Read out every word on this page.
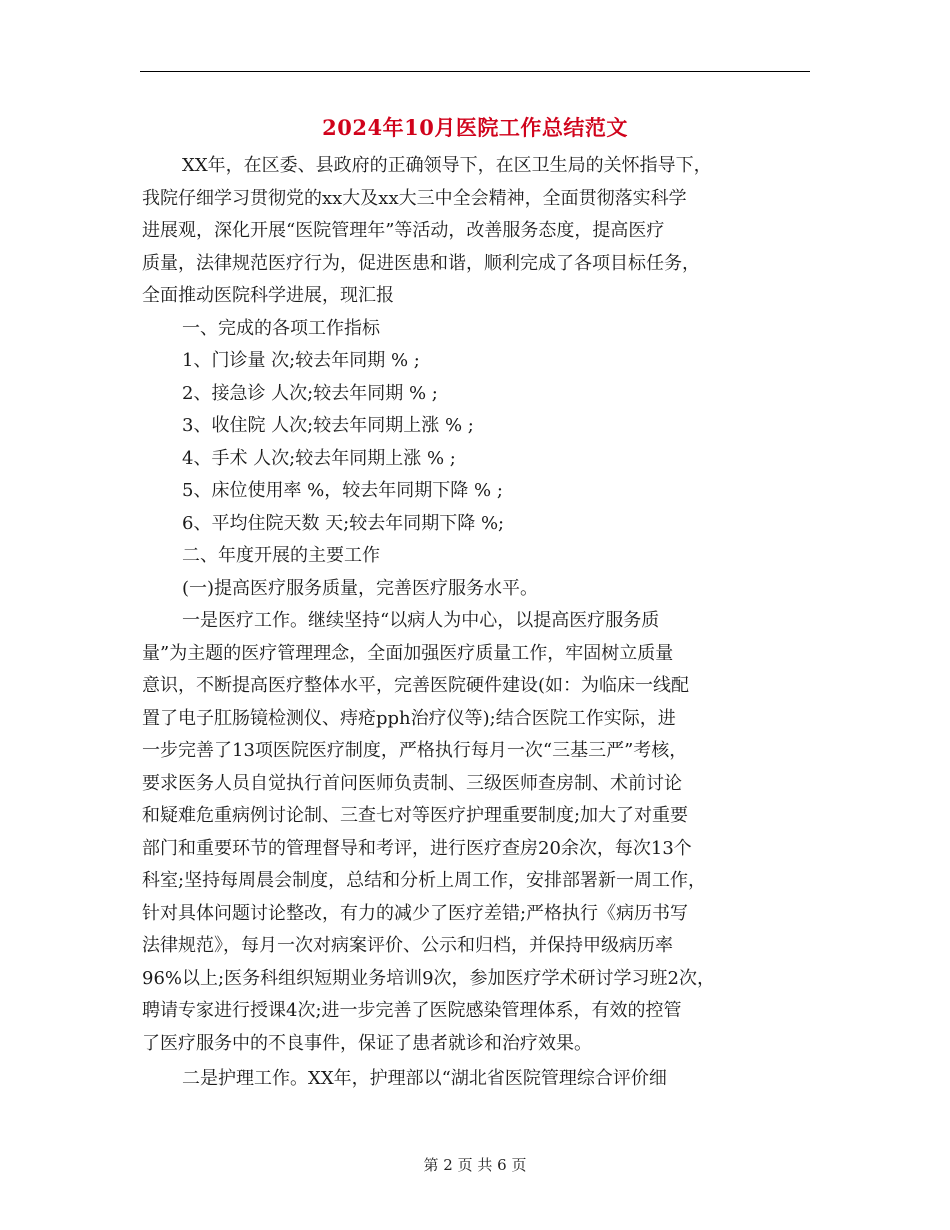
2024年10月医院工作总结范文
XX年，在区委、县政府的正确领导下，在区卫生局的关怀指导下，
我院仔细学习贯彻党的xx大及xx大三中全会精神，全面贯彻落实科学
进展观，深化开展“医院管理年”等活动，改善服务态度，提高医疗
质量，法律规范医疗行为，促进医患和谐，顺利完成了各项目标任务，
全面推动医院科学进展，现汇报
一、完成的各项工作指标
1、门诊量 次;较去年同期 % ;
2、接急诊 人次;较去年同期 % ;
3、收住院 人次;较去年同期上涨 % ;
4、手术 人次;较去年同期上涨 % ;
5、床位使用率 %，较去年同期下降 % ;
6、平均住院天数 天;较去年同期下降 %;
二、年度开展的主要工作
(一)提高医疗服务质量，完善医疗服务水平。
一是医疗工作。继续坚持“以病人为中心，以提高医疗服务质
量”为主题的医疗管理理念，全面加强医疗质量工作，牢固树立质量
意识，不断提高医疗整体水平，完善医院硬件建设(如：为临床一线配
置了电子肛肠镜检测仪、痔疮pph治疗仪等);结合医院工作实际，进
一步完善了13项医院医疗制度，严格执行每月一次“三基三严”考核，
要求医务人员自觉执行首问医师负责制、三级医师查房制、术前讨论
和疑难危重病例讨论制、三查七对等医疗护理重要制度;加大了对重要
部门和重要环节的管理督导和考评，进行医疗查房20余次，每次13个
科室;坚持每周晨会制度，总结和分析上周工作，安排部署新一周工作，
针对具体问题讨论整改，有力的减少了医疗差错;严格执行《病历书写
法律规范》，每月一次对病案评价、公示和归档，并保持甲级病历率
96%以上;医务科组织短期业务培训9次，参加医疗学术研讨学习班2次，
聘请专家进行授课4次;进一步完善了医院感染管理体系，有效的控管
了医疗服务中的不良事件，保证了患者就诊和治疗效果。
二是护理工作。XX年，护理部以“湖北省医院管理综合评价细
第 2 页 共 6 页
